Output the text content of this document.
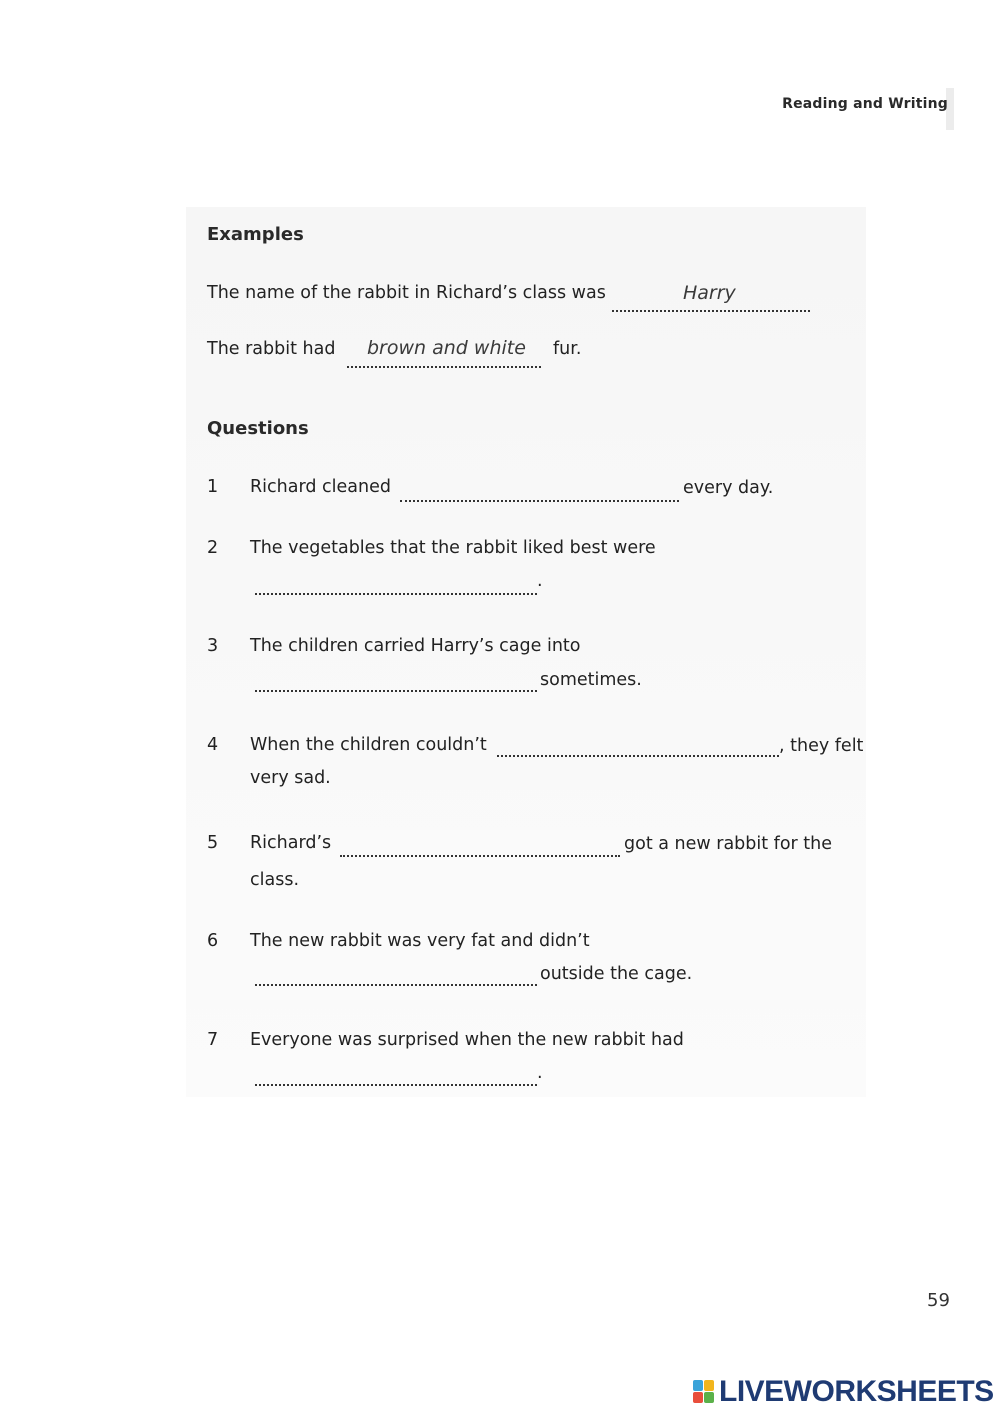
Reading and Writing
Examples
The name of the rabbit in Richard’s class was	Harry
The rabbit had brown and white fur.
Questions
1 Richard cleaned	every day.
2 The vegetables that the rabbit liked best were
.
3 The children carried Harry’s cage into
sometimes.
4 When the children couldn’t	, they felt
very sad.
5 Richard’s	got a new rabbit for the
class.
6 The new rabbit was very fat and didn’t
outside the cage.
7 Everyone was surprised when the new rabbit had
.
59
LIVEWORKSHEETS
